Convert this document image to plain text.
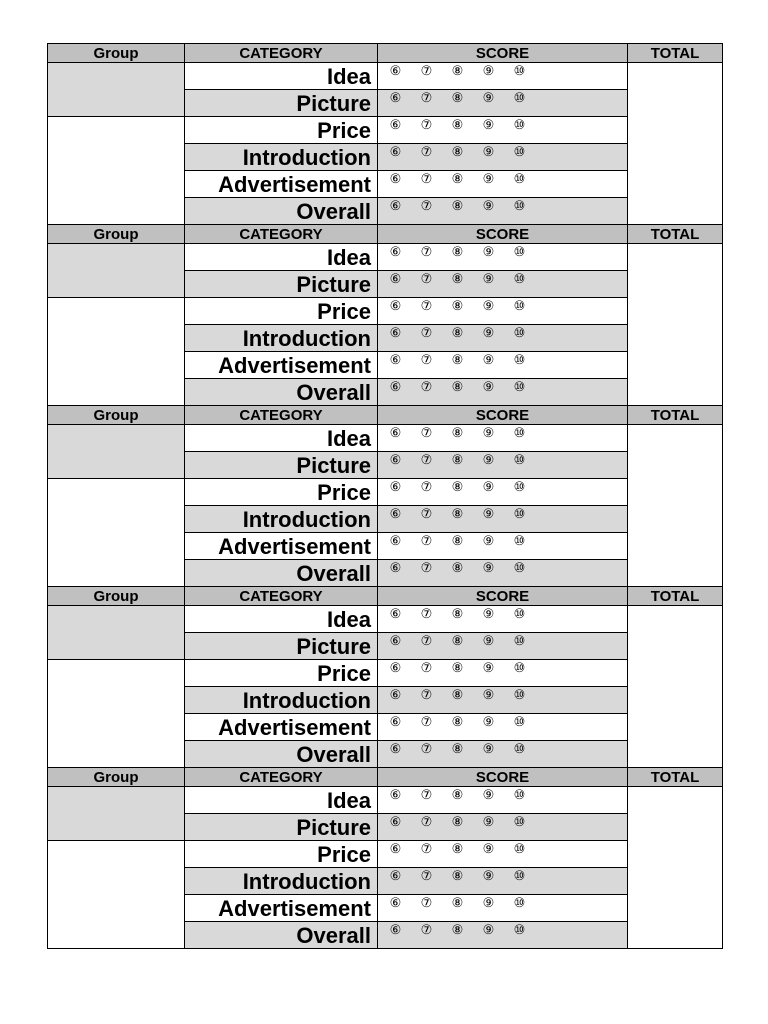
Group	CATEGORY	SCORE	TOTAL
	Idea	⑥ ⑦ ⑧ ⑨ ⑩	
	Picture	⑥ ⑦ ⑧ ⑨ ⑩	
	Price	⑥ ⑦ ⑧ ⑨ ⑩	
	Introduction	⑥ ⑦ ⑧ ⑨ ⑩	
	Advertisement	⑥ ⑦ ⑧ ⑨ ⑩	
	Overall	⑥ ⑦ ⑧ ⑨ ⑩	
Group	CATEGORY	SCORE	TOTAL
	Idea	⑥ ⑦ ⑧ ⑨ ⑩	
	Picture	⑥ ⑦ ⑧ ⑨ ⑩	
	Price	⑥ ⑦ ⑧ ⑨ ⑩	
	Introduction	⑥ ⑦ ⑧ ⑨ ⑩	
	Advertisement	⑥ ⑦ ⑧ ⑨ ⑩	
	Overall	⑥ ⑦ ⑧ ⑨ ⑩	
Group	CATEGORY	SCORE	TOTAL
	Idea	⑥ ⑦ ⑧ ⑨ ⑩	
	Picture	⑥ ⑦ ⑧ ⑨ ⑩	
	Price	⑥ ⑦ ⑧ ⑨ ⑩	
	Introduction	⑥ ⑦ ⑧ ⑨ ⑩	
	Advertisement	⑥ ⑦ ⑧ ⑨ ⑩	
	Overall	⑥ ⑦ ⑧ ⑨ ⑩	
Group	CATEGORY	SCORE	TOTAL
	Idea	⑥ ⑦ ⑧ ⑨ ⑩	
	Picture	⑥ ⑦ ⑧ ⑨ ⑩	
	Price	⑥ ⑦ ⑧ ⑨ ⑩	
	Introduction	⑥ ⑦ ⑧ ⑨ ⑩	
	Advertisement	⑥ ⑦ ⑧ ⑨ ⑩	
	Overall	⑥ ⑦ ⑧ ⑨ ⑩	
Group	CATEGORY	SCORE	TOTAL
	Idea	⑥ ⑦ ⑧ ⑨ ⑩	
	Picture	⑥ ⑦ ⑧ ⑨ ⑩	
	Price	⑥ ⑦ ⑧ ⑨ ⑩	
	Introduction	⑥ ⑦ ⑧ ⑨ ⑩	
	Advertisement	⑥ ⑦ ⑧ ⑨ ⑩	
	Overall	⑥ ⑦ ⑧ ⑨ ⑩	
